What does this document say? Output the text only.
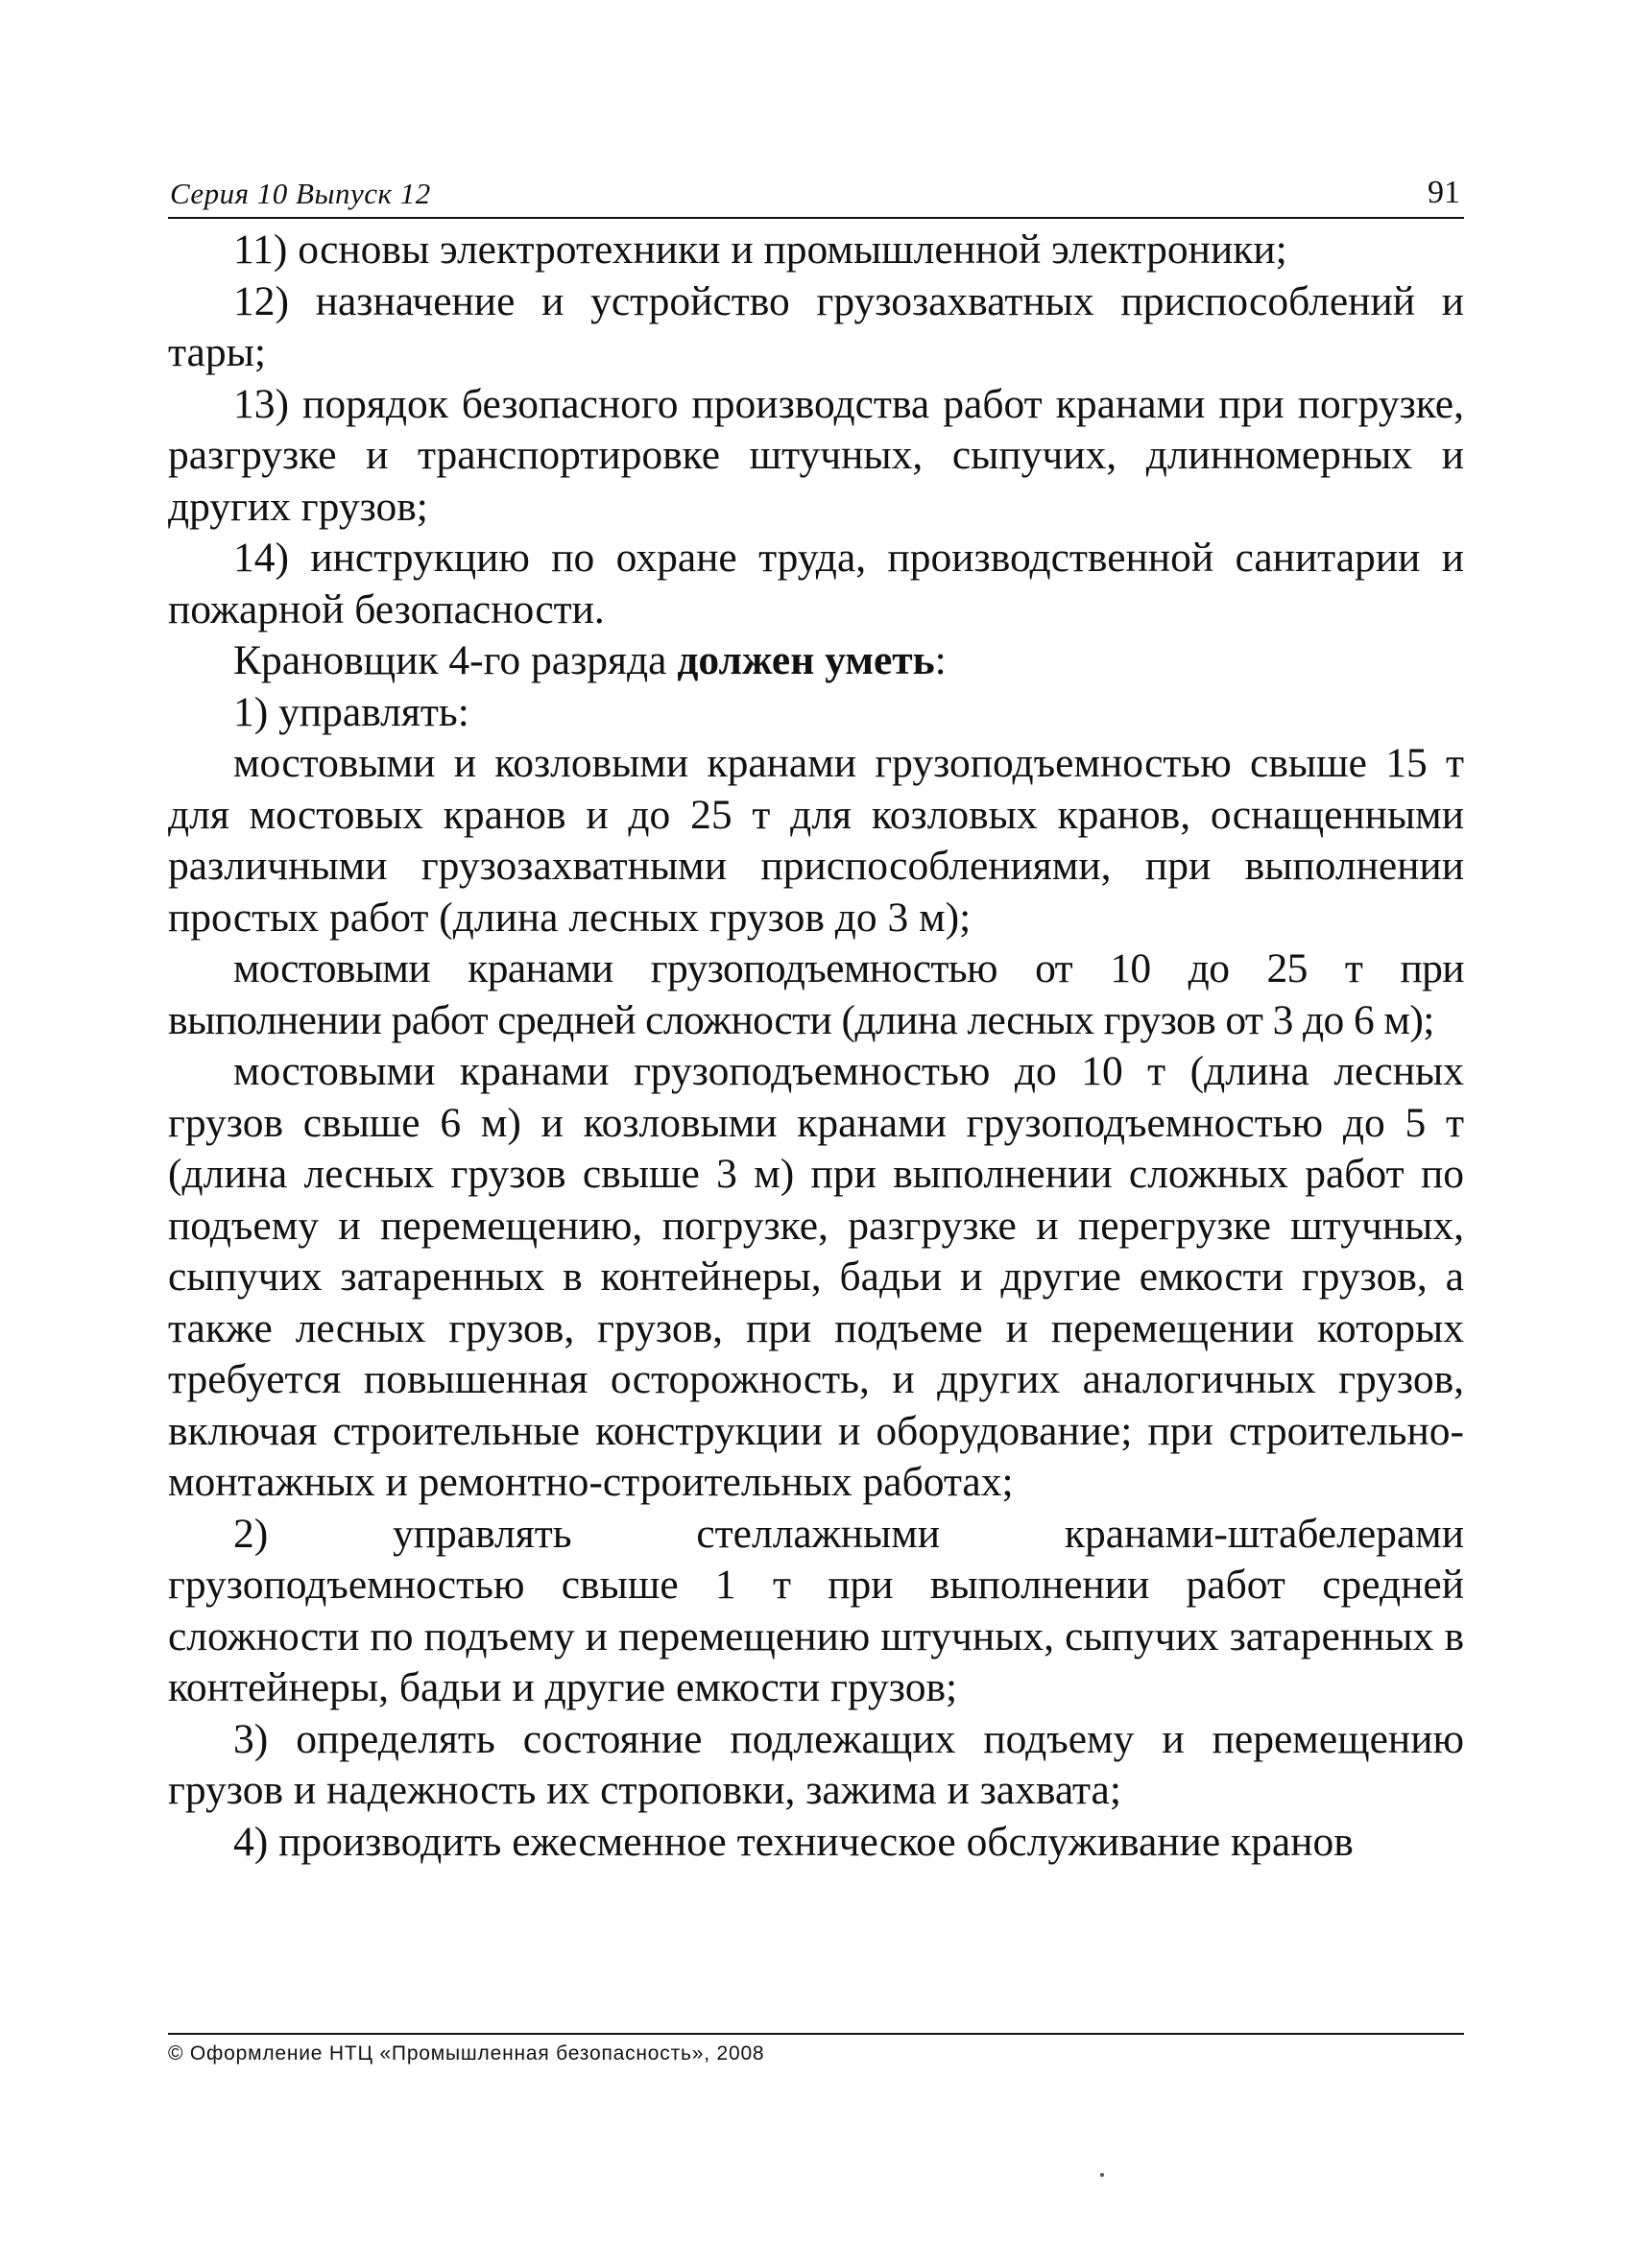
Серия 10 Выпуск 12	91

11) основы электротехники и промышленной электроники;

12) назначение и устройство грузозахватных приспособлений и тары;

13) порядок безопасного производства работ кранами при погрузке, разгрузке и транспортировке штучных, сыпучих, длинномерных и других грузов;

14) инструкцию по охране труда, производственной санитарии и пожарной безопасности.

Крановщик 4-го разряда должен уметь:

1) управлять:

мостовыми и козловыми кранами грузоподъемностью свыше 15 т для мостовых кранов и до 25 т для козловых кранов, оснащенными различными грузозахватными приспособлениями, при выполнении простых работ (длина лесных грузов до 3 м);

мостовыми кранами грузоподъемностью от 10 до 25 т при выполнении работ средней сложности (длина лесных грузов от 3 до 6 м);

мостовыми кранами грузоподъемностью до 10 т (длина лесных грузов свыше 6 м) и козловыми кранами грузоподъемностью до 5 т (длина лесных грузов свыше 3 м) при выполнении сложных работ по подъему и перемещению, погрузке, разгрузке и перегрузке штучных, сыпучих затаренных в контейнеры, бадьи и другие емкости грузов, а также лесных грузов, грузов, при подъеме и перемещении которых требуется повышенная осторожность, и других аналогичных грузов, включая строительные конструкции и оборудование; при строительно-монтажных и ремонтно-строительных работах;

2) управлять стеллажными кранами-штабелерами грузоподъемностью свыше 1 т при выполнении работ средней сложности по подъему и перемещению штучных, сыпучих затаренных в контейнеры, бадьи и другие емкости грузов;

3) определять состояние подлежащих подъему и перемещению грузов и надежность их строповки, зажима и захвата;

4) производить ежесменное техническое обслуживание кранов

© Оформление НТЦ «Промышленная безопасность», 2008
